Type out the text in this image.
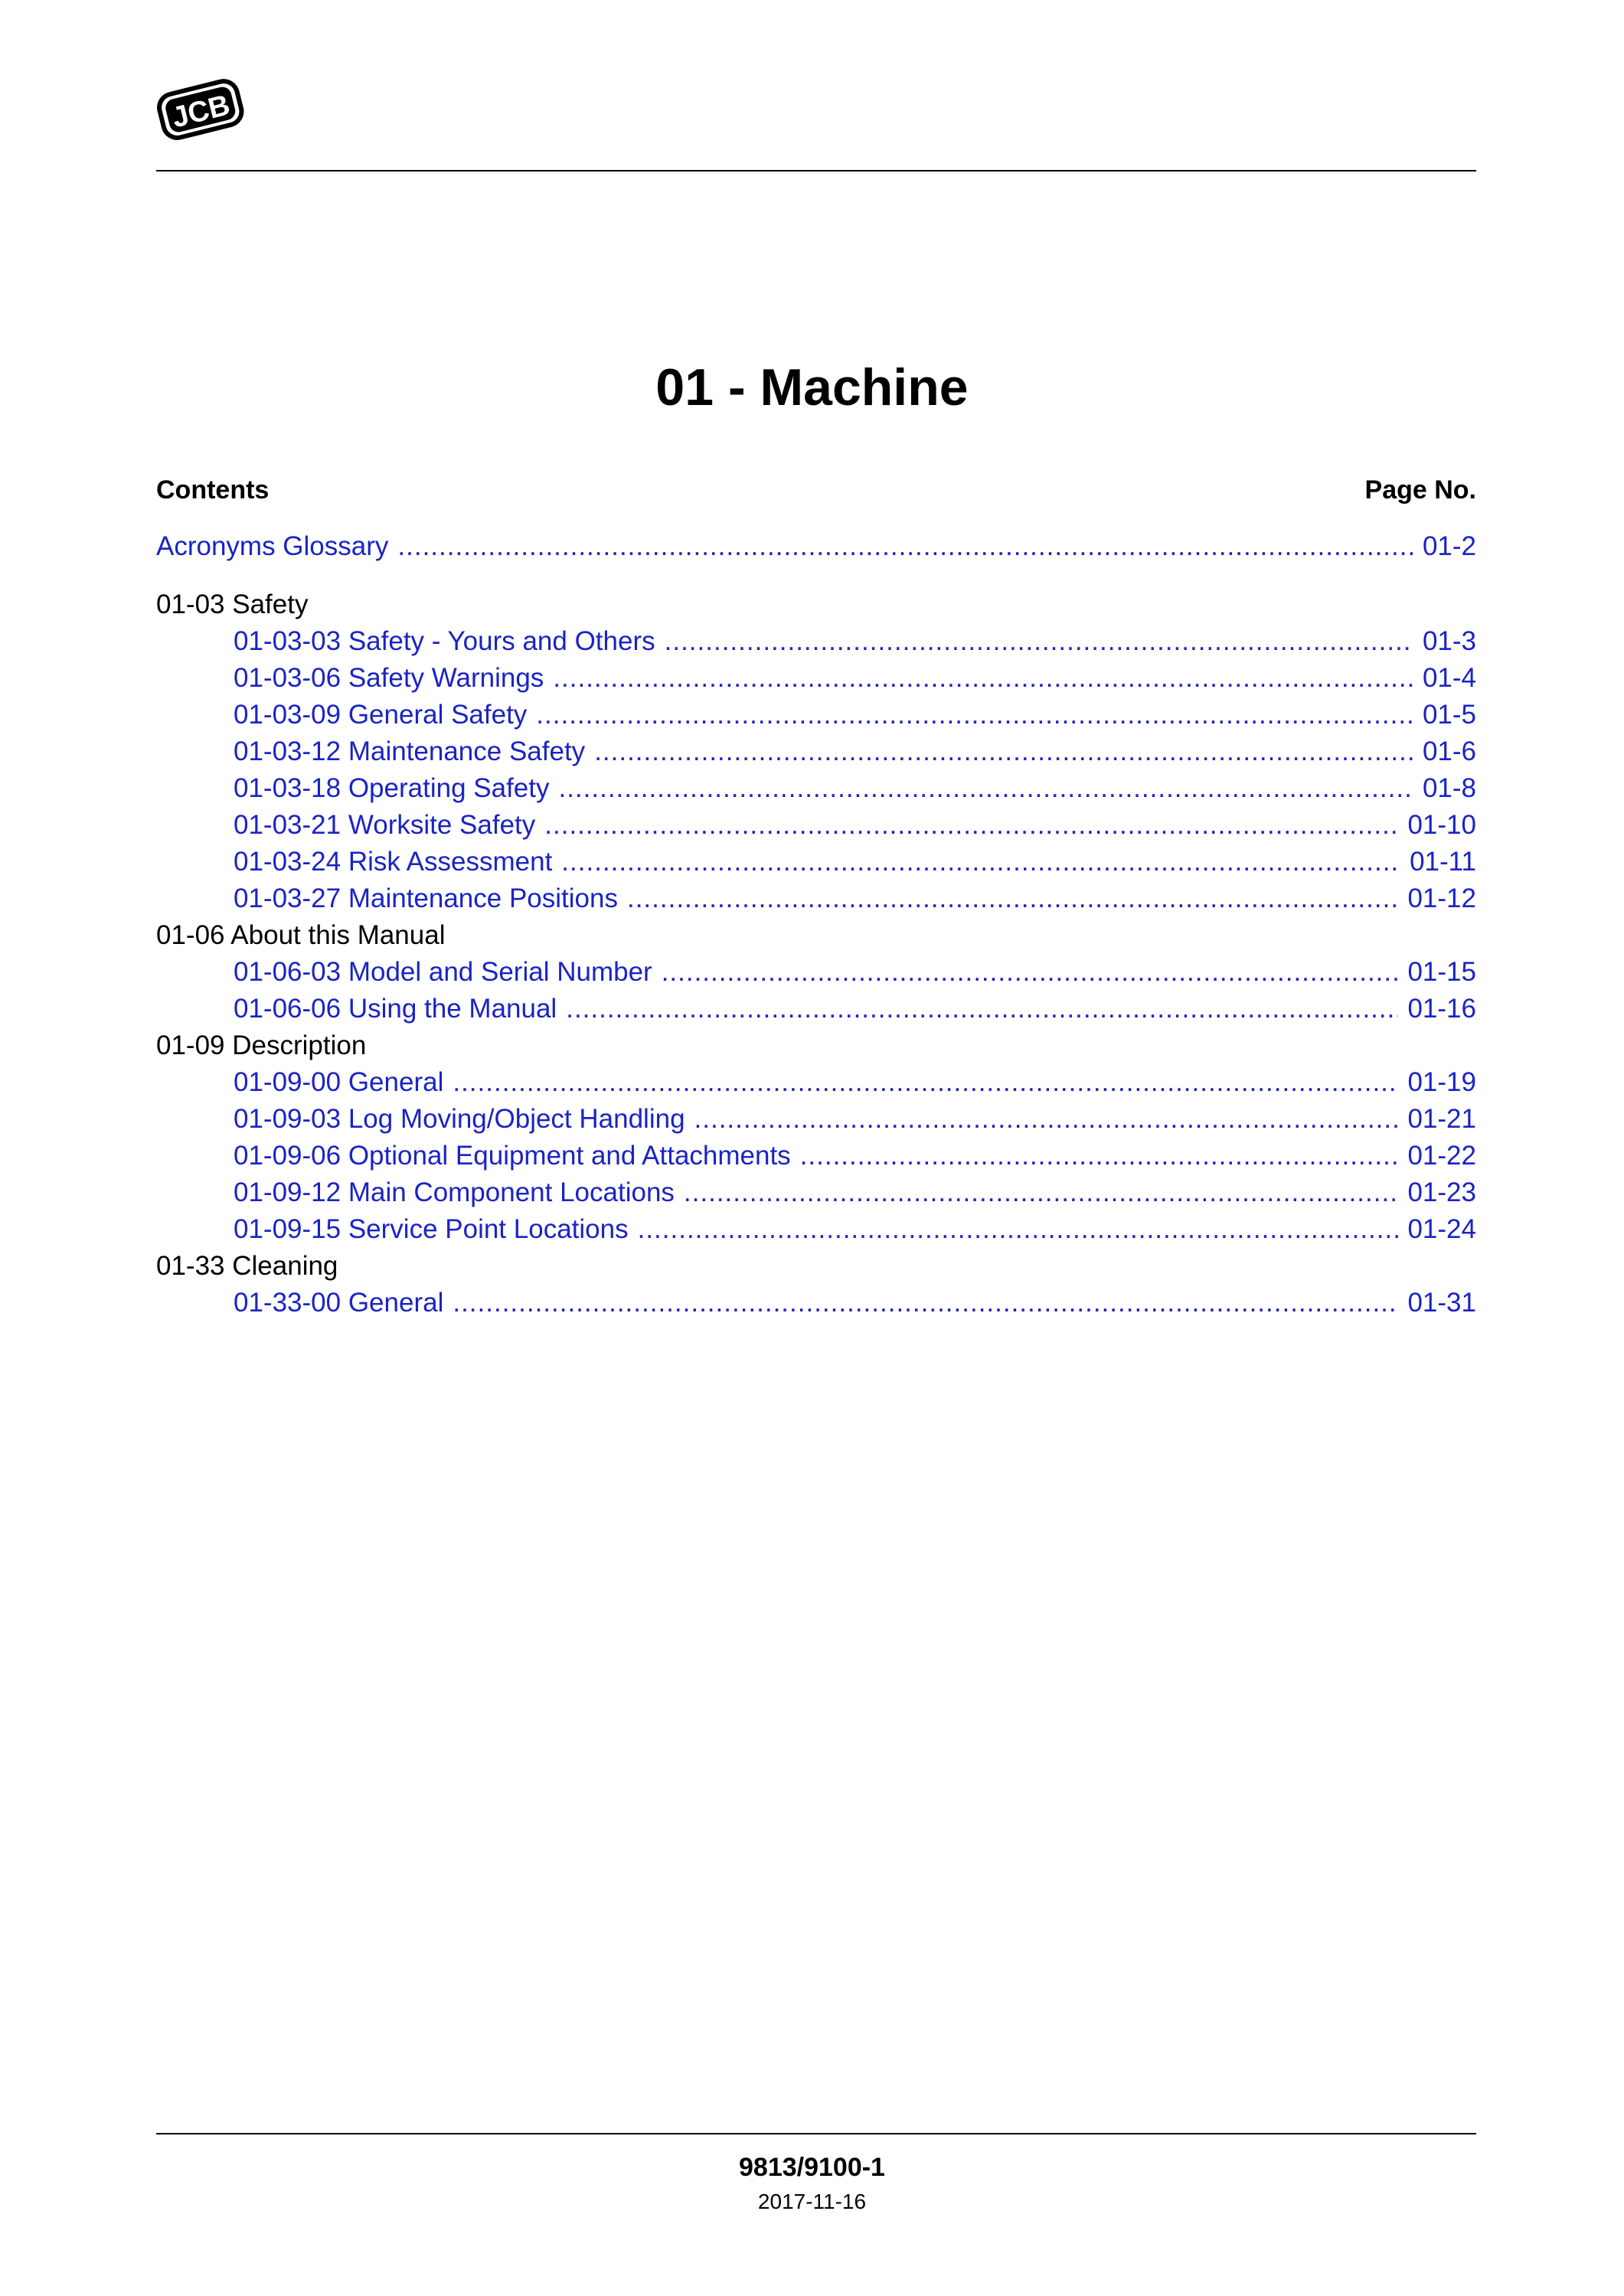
JCB
01 - Machine
Contents	Page No.
Acronyms Glossary .....	01-2
01-03 Safety
01-03-03 Safety - Yours and Others .....	01-3
01-03-06 Safety Warnings .....	01-4
01-03-09 General Safety .....	01-5
01-03-12 Maintenance Safety .....	01-6
01-03-18 Operating Safety .....	01-8
01-03-21 Worksite Safety .....	01-10
01-03-24 Risk Assessment .....	01-11
01-03-27 Maintenance Positions .....	01-12
01-06 About this Manual
01-06-03 Model and Serial Number .....	01-15
01-06-06 Using the Manual .....	01-16
01-09 Description
01-09-00 General .....	01-19
01-09-03 Log Moving/Object Handling .....	01-21
01-09-06 Optional Equipment and Attachments .....	01-22
01-09-12 Main Component Locations .....	01-23
01-09-15 Service Point Locations .....	01-24
01-33 Cleaning
01-33-00 General .....	01-31
9813/9100-1
2017-11-16
